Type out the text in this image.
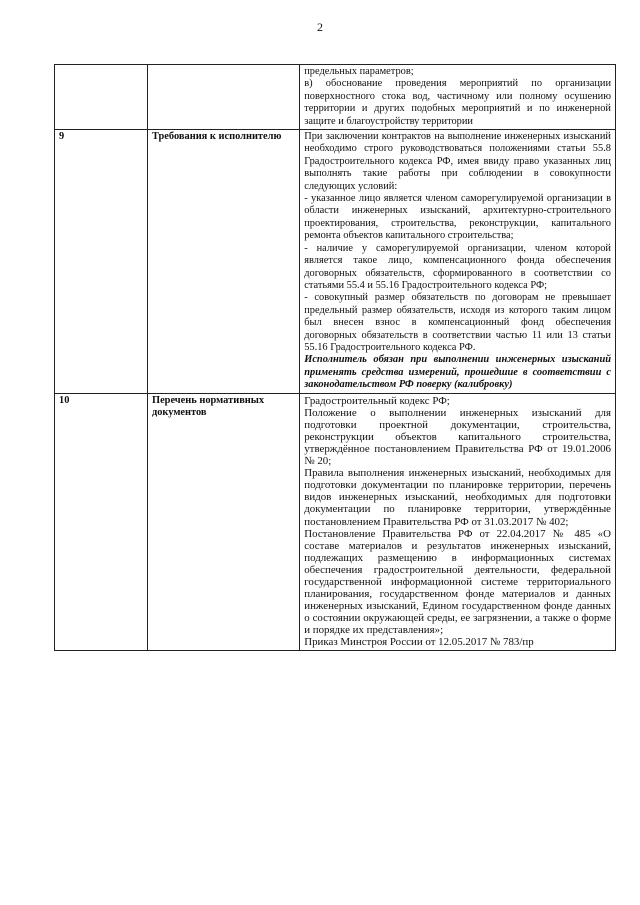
2

		предельных параметров;

в) обоснование проведения мероприятий по организации поверхностного стока вод, частичному или полному осушению территории и других подобных мероприятий и по инженерной защите и благоустройству территории

9	Требования к исполнителю	При заключении контрактов на выполнение инженерных изысканий необходимо строго руководствоваться положениями статьи 55.8 Градостроительного кодекса РФ, имея ввиду право указанных лиц выполнять такие работы при соблюдении в совокупности следующих условий:

- указанное лицо является членом саморегулируемой организации в области инженерных изысканий, архитектурно-строительного проектирования, строительства, реконструкции, капитального ремонта объектов капитального строительства;

- наличие у саморегулируемой организации, членом которой является такое лицо, компенсационного фонда обеспечения договорных обязательств, сформированного в соответствии со статьями 55.4 и 55.16 Градостроительного кодекса РФ;

- совокупный размер обязательств по договорам не превышает предельный размер обязательств, исходя из которого таким лицом был внесен взнос в компенсационный фонд обеспечения договорных обязательств в соответствии частью 11 или 13 статьи 55.16 Градостроительного кодекса РФ.

Исполнитель обязан при выполнении инженерных изысканий применять средства измерений, прошедшие в соответствии с законодательством РФ поверку (калибровку)

10	Перечень нормативных документов	Градостроительный кодекс РФ;

Положение о выполнении инженерных изысканий для подготовки проектной документации, строительства, реконструкции объектов капитального строительства, утверждённое постановлением Правительства РФ от 19.01.2006 № 20;

Правила выполнения инженерных изысканий, необходимых для подготовки документации по планировке территории, перечень видов инженерных изысканий, необходимых для подготовки документации по планировке территории, утверждённые постановлением Правительства РФ от 31.03.2017 № 402;

Постановление Правительства РФ от 22.04.2017 № 485 «О составе материалов и результатов инженерных изысканий, подлежащих размещению в информационных системах обеспечения градостроительной деятельности, федеральной государственной информационной системе территориального планирования, государственном фонде материалов и данных инженерных изысканий, Едином государственном фонде данных о состоянии окружающей среды, ее загрязнении, а также о форме и порядке их представления»;

Приказ Минстроя России от 12.05.2017 № 783/пр
